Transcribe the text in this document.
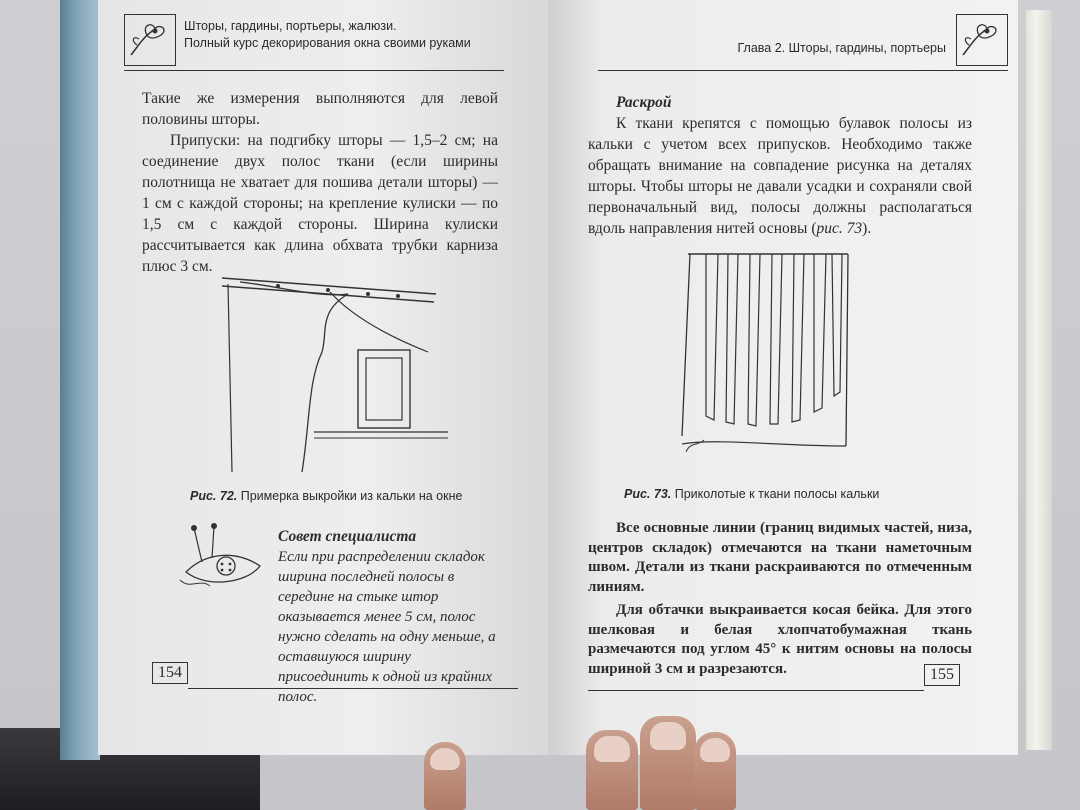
Шторы, гардины, портьеры, жалюзи.
Полный курс декорирования окна своими руками

Такие же измерения выполняются для левой половины шторы.

Припуски: на подгибку шторы — 1,5–2 см; на соединение двух полос ткани (если ширины полотнища не хватает для пошива детали шторы) — 1 см с каждой стороны; на крепление кулиски — по 1,5 см с каждой стороны. Ширина кулиски рассчитывается как длина обхвата трубки карниза плюс 3 см.

Рис. 72. Примерка выкройки из кальки на окне
Совет специалиста
Если при распределении складок ширина последней полосы в середине на стыке штор оказывается менее 5 см, полос нужно сделать на одну меньше, а оставшуюся ширину присоединить к одной из крайних полос.
154
Глава 2. Шторы, гардины, портьеры

Раскрой

К ткани крепятся с помощью булавок полосы из кальки с учетом всех припусков. Необходимо также обращать внимание на совпадение рисунка на деталях шторы. Чтобы шторы не давали усадки и сохраняли свой первоначальный вид, полосы должны располагаться вдоль направления нитей основы (рис. 73).

Рис. 73. Приколотые к ткани полосы кальки

Все основные линии (границ видимых частей, низа, центров складок) отмечаются на ткани наметочным швом. Детали из ткани раскраиваются по отмеченным линиям.

Для обтачки выкраивается косая бейка. Для этого шелковая и белая хлопчатобумажная ткань размечаются под углом 45° к нитям основы на полосы шириной 3 см и разрезаются.	155
